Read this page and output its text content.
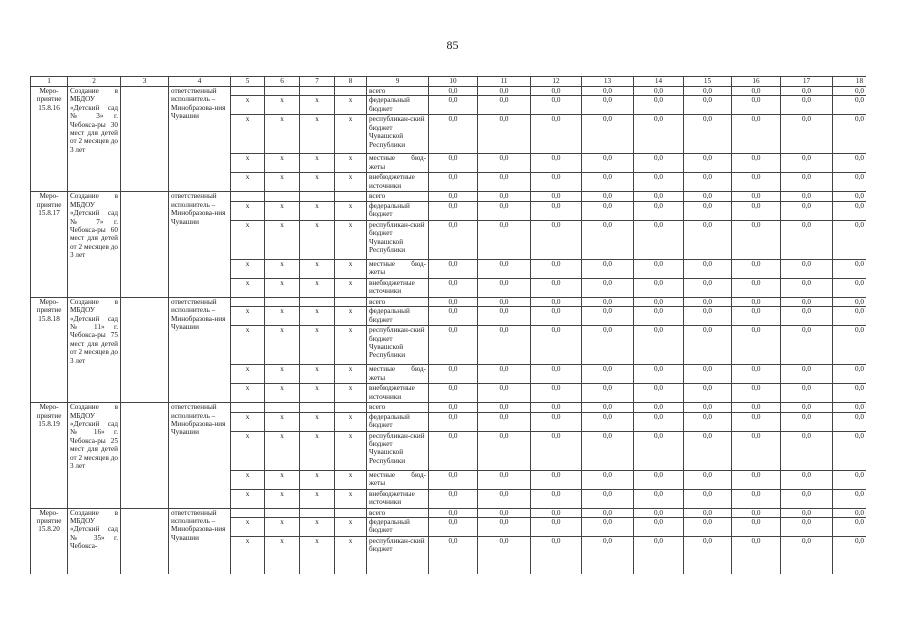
85
1	2	3	4	5	6	7	8	9	10	11	12	13	14	15	16	17	18
Меро-приятие 15.8.16	Создание в МБДОУ «Детский сад № 3» г. Чебокса-ры 30 мест для детей от 2 месяцев до 3 лет		ответственный исполнитель – Минобразова-ния Чувашии					всего	0,0	0,0	0,0	0,0	0,0	0,0	0,0	0,0	0,0
				x	x	x	x	федеральный бюджет	0,0	0,0	0,0	0,0	0,0	0,0	0,0	0,0	0,0
				x	x	x	x	республикан-ский бюджет Чувашской Республики	0,0	0,0	0,0	0,0	0,0	0,0	0,0	0,0	0,0
				x	x	x	x	местные бюд-жеты	0,0	0,0	0,0	0,0	0,0	0,0	0,0	0,0	0,0
				x	x	x	x	внебюджетные источники	0,0	0,0	0,0	0,0	0,0	0,0	0,0	0,0	0,0
Меро-приятие 15.8.17	Создание в МБДОУ «Детский сад № 7» г. Чебокса-ры 60 мест для детей от 2 месяцев до 3 лет		ответственный исполнитель – Минобразова-ния Чувашии					всего	0,0	0,0	0,0	0,0	0,0	0,0	0,0	0,0	0,0
				x	x	x	x	федеральный бюджет	0,0	0,0	0,0	0,0	0,0	0,0	0,0	0,0	0,0
				x	x	x	x	республикан-ский бюджет Чувашской Республики	0,0	0,0	0,0	0,0	0,0	0,0	0,0	0,0	0,0
				x	x	x	x	местные бюд-жеты	0,0	0,0	0,0	0,0	0,0	0,0	0,0	0,0	0,0
				x	x	x	x	внебюджетные источники	0,0	0,0	0,0	0,0	0,0	0,0	0,0	0,0	0,0
Меро-приятие 15.8.18	Создание в МБДОУ «Детский сад № 11» г. Чебокса-ры 75 мест для детей от 2 месяцев до 3 лет		ответственный исполнитель – Минобразова-ния Чувашии					всего	0,0	0,0	0,0	0,0	0,0	0,0	0,0	0,0	0,0
				x	x	x	x	федеральный бюджет	0,0	0,0	0,0	0,0	0,0	0,0	0,0	0,0	0,0
				x	x	x	x	республикан-ский бюджет Чувашской Республики	0,0	0,0	0,0	0,0	0,0	0,0	0,0	0,0	0,0
				x	x	x	x	местные бюд-жеты	0,0	0,0	0,0	0,0	0,0	0,0	0,0	0,0	0,0
				x	x	x	x	внебюджетные источники	0,0	0,0	0,0	0,0	0,0	0,0	0,0	0,0	0,0
Меро-приятие 15.8.19	Создание в МБДОУ «Детский сад № 16» г. Чебокса-ры 25 мест для детей от 2 месяцев до 3 лет		ответственный исполнитель – Минобразова-ния Чувашии					всего	0,0	0,0	0,0	0,0	0,0	0,0	0,0	0,0	0,0
				x	x	x	x	федеральный бюджет	0,0	0,0	0,0	0,0	0,0	0,0	0,0	0,0	0,0
				x	x	x	x	республикан-ский бюджет Чувашской Республики	0,0	0,0	0,0	0,0	0,0	0,0	0,0	0,0	0,0
				x	x	x	x	местные бюд-жеты	0,0	0,0	0,0	0,0	0,0	0,0	0,0	0,0	0,0
				x	x	x	x	внебюджетные источники	0,0	0,0	0,0	0,0	0,0	0,0	0,0	0,0	0,0
Меро-приятие 15.8.20	Создание в МБДОУ «Детский сад № 35» г. Чебокса-		ответственный исполнитель – Минобразова-ния Чувашии					всего	0,0	0,0	0,0	0,0	0,0	0,0	0,0	0,0	0,0
				x	x	x	x	федеральный бюджет	0,0	0,0	0,0	0,0	0,0	0,0	0,0	0,0	0,0
				x	x	x	x	республикан-ский бюджет	0,0	0,0	0,0	0,0	0,0	0,0	0,0	0,0	0,0
